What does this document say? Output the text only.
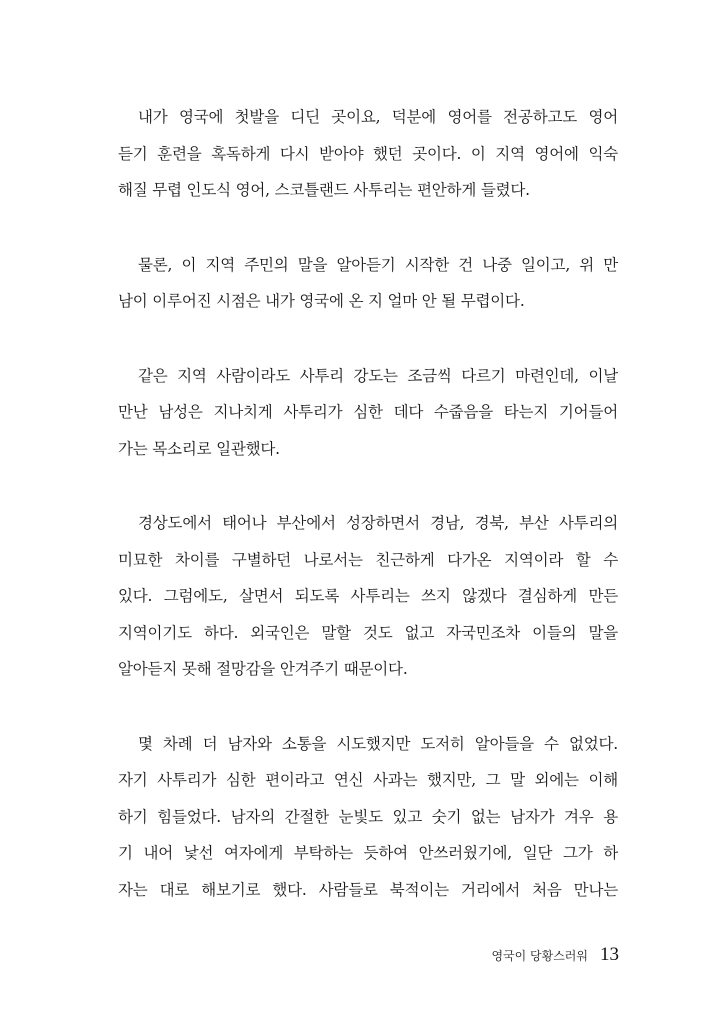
내가 영국에 첫발을 디딘 곳이요, 덕분에 영어를 전공하고도 영어
듣기 훈련을 혹독하게 다시 받아야 했던 곳이다. 이 지역 영어에 익숙
해질 무렵 인도식 영어, 스코틀랜드 사투리는 편안하게 들렸다.

물론, 이 지역 주민의 말을 알아듣기 시작한 건 나중 일이고, 위 만
남이 이루어진 시점은 내가 영국에 온 지 얼마 안 될 무렵이다.

같은 지역 사람이라도 사투리 강도는 조금씩 다르기 마련인데, 이날
만난 남성은 지나치게 사투리가 심한 데다 수줍음을 타는지 기어들어
가는 목소리로 일관했다.

경상도에서 태어나 부산에서 성장하면서 경남, 경북, 부산 사투리의
미묘한 차이를 구별하던 나로서는 친근하게 다가온 지역이라 할 수
있다. 그럼에도, 살면서 되도록 사투리는 쓰지 않겠다 결심하게 만든
지역이기도 하다. 외국인은 말할 것도 없고 자국민조차 이들의 말을
알아듣지 못해 절망감을 안겨주기 때문이다.

몇 차례 더 남자와 소통을 시도했지만 도저히 알아들을 수 없었다.
자기 사투리가 심한 편이라고 연신 사과는 했지만, 그 말 외에는 이해
하기 힘들었다. 남자의 간절한 눈빛도 있고 숫기 없는 남자가 겨우 용
기 내어 낯선 여자에게 부탁하는 듯하여 안쓰러웠기에, 일단 그가 하
자는 대로 해보기로 했다. 사람들로 북적이는 거리에서 처음 만나는

영국이 당황스러워 13
